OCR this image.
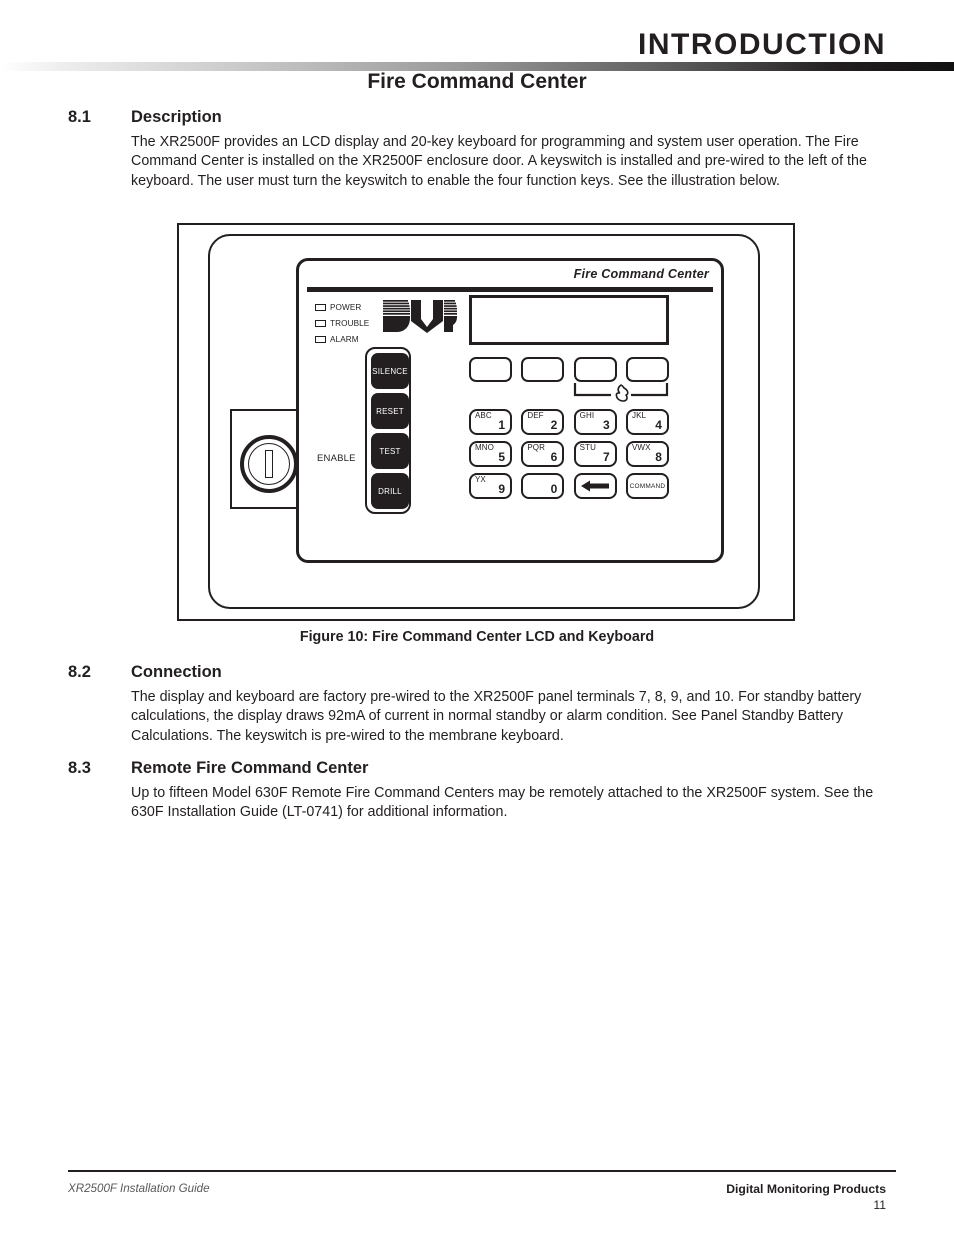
INTRODUCTION
Fire Command Center
8.1 Description
The XR2500F provides an LCD display and 20-key keyboard for programming and system user operation. The Fire Command Center is installed on the XR2500F enclosure door. A keyswitch is installed and pre-wired to the left of the keyboard. The user must turn the keyswitch to enable the four function keys. See the illustration below.
ENABLE
Fire Command Center
POWER
TROUBLE
ALARM
SILENCE
RESET
TEST
DRILL
ABC
1
DEF
2
GHI
3
JKL
4
MNO
5
PQR
6
STU
7
VWX
8
YX
9	0	COMMAND
Figure 10: Fire Command Center LCD and Keyboard
8.2 Connection
The display and keyboard are factory pre-wired to the XR2500F panel terminals 7, 8, 9, and 10. For standby battery calculations, the display draws 92mA of current in normal standby or alarm condition. See Panel Standby Battery Calculations. The keyswitch is pre-wired to the membrane keyboard.
8.3 Remote Fire Command Center
Up to fifteen Model 630F Remote Fire Command Centers may be remotely attached to the XR2500F system. See the 630F Installation Guide (LT-0741) for additional information.
XR2500F Installation Guide	Digital Monitoring Products
11
